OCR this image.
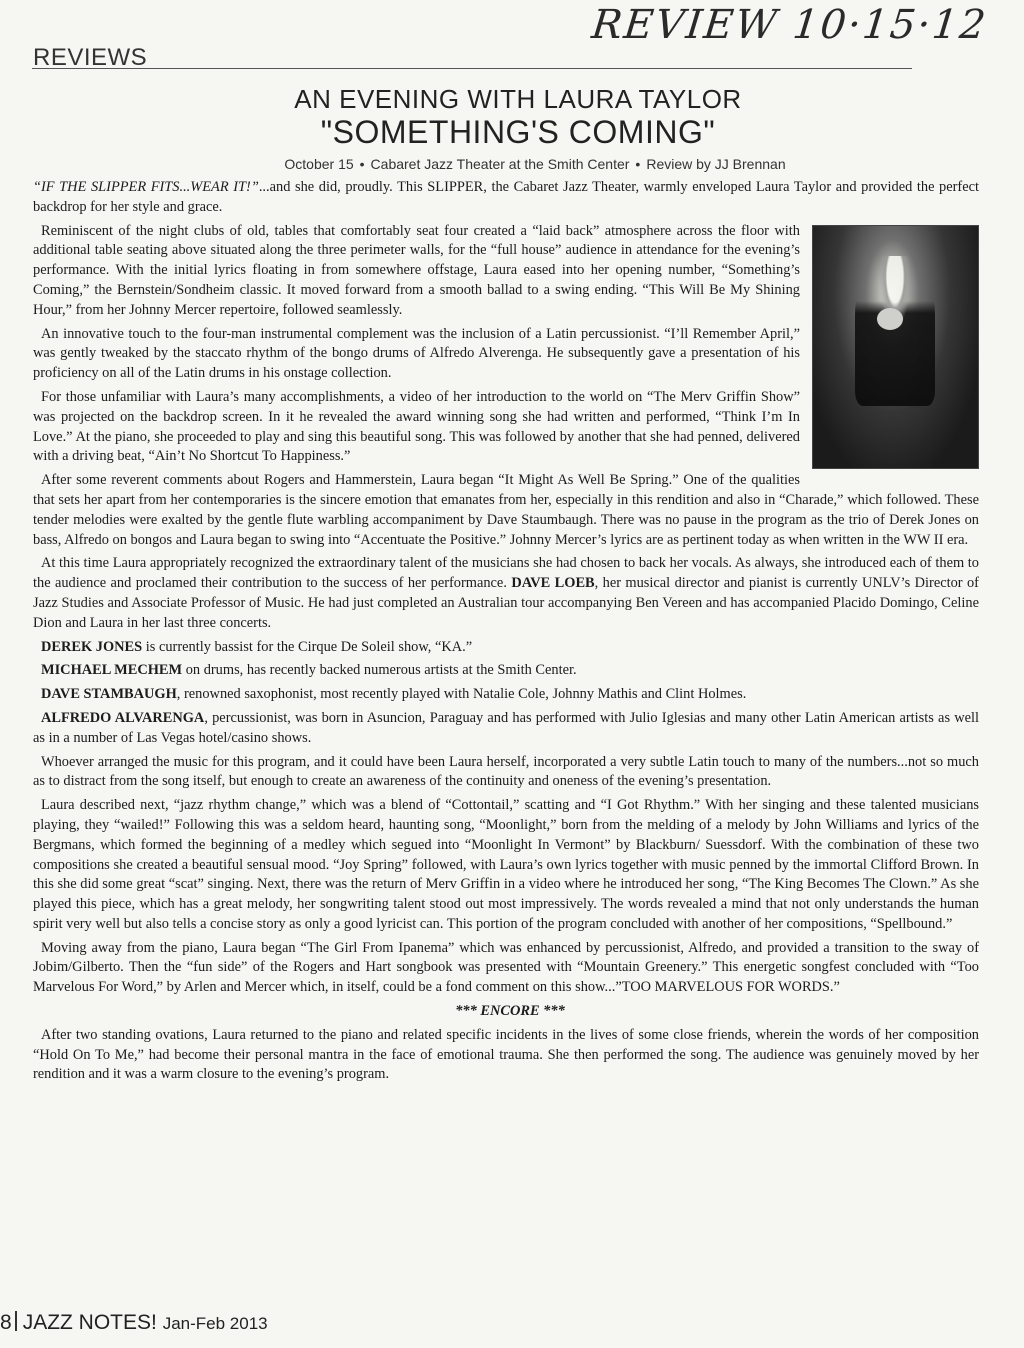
REVIEW 10·15·12
REVIEWS
AN EVENING WITH LAURA TAYLOR
"SOMETHING'S COMING"
October 15 • Cabaret Jazz Theater at the Smith Center • Review by JJ Brennan

“IF THE SLIPPER FITS...WEAR IT!”...and she did, proudly. This SLIPPER, the Cabaret Jazz Theater, warmly enveloped Laura Taylor and provided the perfect backdrop for her style and grace.

Reminiscent of the night clubs of old, tables that comfortably seat four created a “laid back” atmosphere across the floor with additional table seating above situated along the three perimeter walls, for the “full house” audience in attendance for the evening’s performance. With the initial lyrics floating in from somewhere offstage, Laura eased into her opening number, “Something’s Coming,” the Bernstein/Sondheim classic. It moved forward from a smooth ballad to a swing ending. “This Will Be My Shining Hour,” from her Johnny Mercer repertoire, followed seamlessly.

An innovative touch to the four-man instrumental complement was the inclusion of a Latin percussionist. “I’ll Remember April,” was gently tweaked by the staccato rhythm of the bongo drums of Alfredo Alverenga. He subsequently gave a presentation of his proficiency on all of the Latin drums in his onstage collection.

For those unfamiliar with Laura’s many accomplishments, a video of her introduction to the world on “The Merv Griffin Show” was projected on the backdrop screen. In it he revealed the award winning song she had written and performed, “Think I’m In Love.” At the piano, she proceeded to play and sing this beautiful song. This was followed by another that she had penned, delivered with a driving beat, “Ain’t No Shortcut To Happiness.”

After some reverent comments about Rogers and Hammerstein, Laura began “It Might As Well Be Spring.” One of the qualities that sets her apart from her contemporaries is the sincere emotion that emanates from her, especially in this rendition and also in “Charade,” which followed. These tender melodies were exalted by the gentle flute warbling accompaniment by Dave Staumbaugh. There was no pause in the program as the trio of Derek Jones on bass, Alfredo on bongos and Laura began to swing into “Accentuate the Positive.” Johnny Mercer’s lyrics are as pertinent today as when written in the WW II era.

At this time Laura appropriately recognized the extraordinary talent of the musicians she had chosen to back her vocals. As always, she introduced each of them to the audience and proclamed their contribution to the success of her performance. DAVE LOEB, her musical director and pianist is currently UNLV’s Director of Jazz Studies and Associate Professor of Music. He had just completed an Australian tour accompanying Ben Vereen and has accompanied Placido Domingo, Celine Dion and Laura in her last three concerts.

DEREK JONES is currently bassist for the Cirque De Soleil show, “KA.”

MICHAEL MECHEM on drums, has recently backed numerous artists at the Smith Center.

DAVE STAMBAUGH, renowned saxophonist, most recently played with Natalie Cole, Johnny Mathis and Clint Holmes.

ALFREDO ALVARENGA, percussionist, was born in Asuncion, Paraguay and has performed with Julio Iglesias and many other Latin American artists as well as in a number of Las Vegas hotel/casino shows.

Whoever arranged the music for this program, and it could have been Laura herself, incorporated a very subtle Latin touch to many of the numbers...not so much as to distract from the song itself, but enough to create an awareness of the continuity and oneness of the evening’s presentation.

Laura described next, “jazz rhythm change,” which was a blend of “Cottontail,” scatting and “I Got Rhythm.” With her singing and these talented musicians playing, they “wailed!” Following this was a seldom heard, haunting song, “Moonlight,” born from the melding of a melody by John Williams and lyrics of the Bergmans, which formed the beginning of a medley which segued into “Moonlight In Vermont” by Blackburn/ Suessdorf. With the combination of these two compositions she created a beautiful sensual mood. “Joy Spring” followed, with Laura’s own lyrics together with music penned by the immortal Clifford Brown. In this she did some great “scat” singing. Next, there was the return of Merv Griffin in a video where he introduced her song, “The King Becomes The Clown.” As she played this piece, which has a great melody, her songwriting talent stood out most impressively. The words revealed a mind that not only understands the human spirit very well but also tells a concise story as only a good lyricist can. This portion of the program concluded with another of her compositions, “Spellbound.”

Moving away from the piano, Laura began “The Girl From Ipanema” which was enhanced by percussionist, Alfredo, and provided a transition to the sway of Jobim/Gilberto. Then the “fun side” of the Rogers and Hart songbook was presented with “Mountain Greenery.” This energetic songfest concluded with “Too Marvelous For Word,” by Arlen and Mercer which, in itself, could be a fond comment on this show...”TOO MARVELOUS FOR WORDS.”

*** ENCORE ***

After two standing ovations, Laura returned to the piano and related specific incidents in the lives of some close friends, wherein the words of her composition “Hold On To Me,” had become their personal mantra in the face of emotional trauma. She then performed the song. The audience was genuinely moved by her rendition and it was a warm closure to the evening’s program.

8 JAZZ NOTES! Jan-Feb 2013
